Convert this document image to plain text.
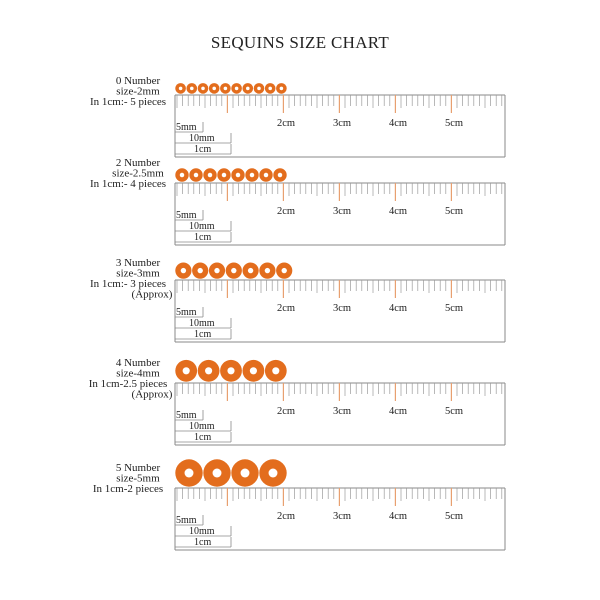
SEQUINS SIZE CHART
0 Number
size-2mm
In 1cm:- 5 pieces
2cm	3cm	4cm	5cm
5mm
10mm
1cm
2 Number
size-2.5mm
In 1cm:- 4 pieces
2cm	3cm	4cm	5cm
5mm
10mm
1cm
3 Number
size-3mm
In 1cm:- 3 pieces
(Approx)
2cm	3cm	4cm	5cm
5mm
10mm
1cm
4 Number
size-4mm
In 1cm-2.5 pieces
(Approx)
2cm	3cm	4cm	5cm
5mm
10mm
1cm
5 Number
size-5mm
In 1cm-2 pieces
2cm	3cm	4cm	5cm
5mm
10mm
1cm
